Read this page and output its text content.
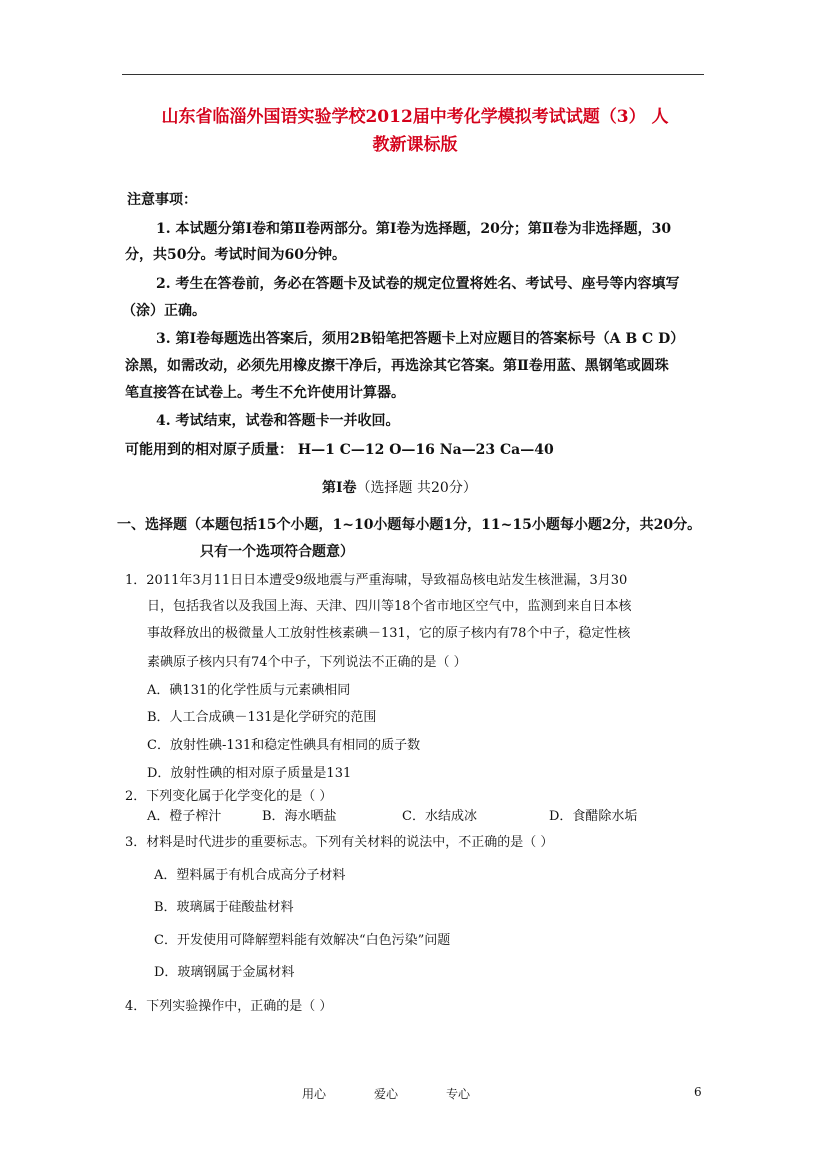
山东省临淄外国语实验学校2012届中考化学模拟考试试题（3） 人
教新课标版
注意事项：
1. 本试题分第Ⅰ卷和第Ⅱ卷两部分。第Ⅰ卷为选择题，20分；第Ⅱ卷为非选择题，30
分，共50分。考试时间为60分钟。
2. 考生在答卷前，务必在答题卡及试卷的规定位置将姓名、考试号、座号等内容填写
（涂）正确。
3. 第Ⅰ卷每题选出答案后，须用2B铅笔把答题卡上对应题目的答案标号（A B C D）
涂黑，如需改动，必须先用橡皮擦干净后，再选涂其它答案。第Ⅱ卷用蓝、黑钢笔或圆珠
笔直接答在试卷上。考生不允许使用计算器。
4. 考试结束，试卷和答题卡一并收回。
可能用到的相对原子质量： H—1 C—12 O—16 Na—23 Ca—40
第Ⅰ卷（选择题 共20分）
一、选择题（本题包括15个小题，1~10小题每小题1分，11~15小题每小题2分，共20分。
只有一个选项符合题意）
1．2011年3月11日日本遭受9级地震与严重海啸，导致福岛核电站发生核泄漏，3月30
日，包括我省以及我国上海、天津、四川等18个省市地区空气中，监测到来自日本核
事故释放出的极微量人工放射性核素碘－131，它的原子核内有78个中子，稳定性核
素碘原子核内只有74个中子，下列说法不正确的是（ ）
A．碘131的化学性质与元素碘相同
B．人工合成碘－131是化学研究的范围
C．放射性碘-131和稳定性碘具有相同的质子数
D．放射性碘的相对原子质量是131
2．下列变化属于化学变化的是（ ）
A．橙子榨汁	B．海水晒盐	C．水结成冰	D．食醋除水垢
3．材料是时代进步的重要标志。下列有关材料的说法中，不正确的是（ ）
A．塑料属于有机合成高分子材料
B．玻璃属于硅酸盐材料
C．开发使用可降解塑料能有效解决“白色污染”问题
D．玻璃钢属于金属材料
4．下列实验操作中，正确的是（ ）
用心	爱心	专心	6
